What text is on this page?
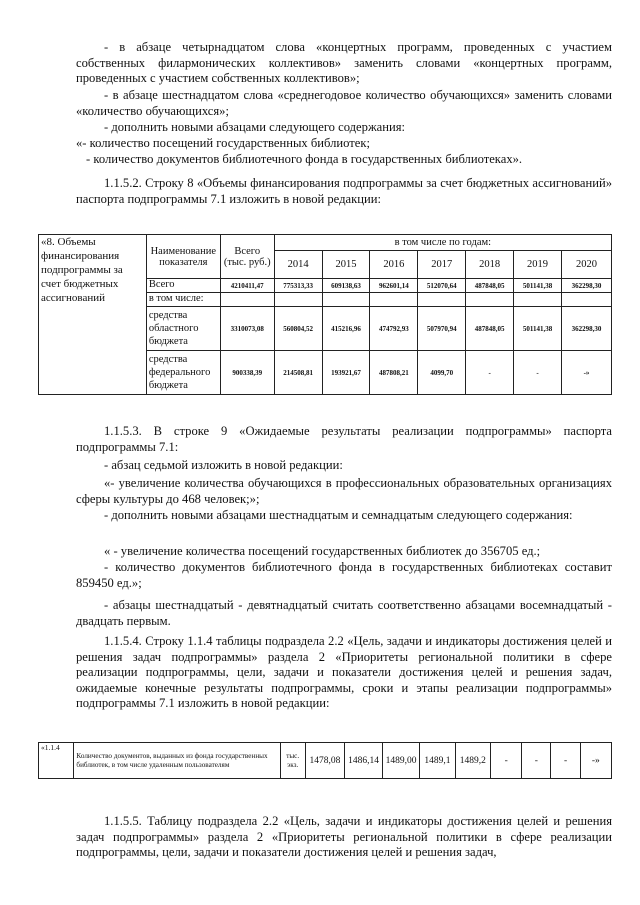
- в абзаце четырнадцатом слова «концертных программ, проведенных с участием собственных филармонических коллективов» заменить словами «концертных программ, проведенных с участием собственных коллективов»;

- в абзаце шестнадцатом слова «среднегодовое количество обучающихся» заменить словами «количество обучающихся»;

- дополнить новыми абзацами следующего содержания:

«- количество посещений государственных библиотек;

- количество документов библиотечного фонда в государственных библиотеках».

1.1.5.2. Строку 8 «Объемы финансирования подпрограммы за счет бюджетных ассигнований» паспорта подпрограммы 7.1 изложить в новой редакции:

«8. Объемы финансирования подпрограммы за счет бюджетных ассигнований	Наименование показателя	Всего (тыс. руб.)	в том числе по годам:						
			2014	2015	2016	2017	2018	2019	2020
	Всего	4210411,47	775313,33	609138,63	962601,14	512070,64	487848,05	501141,38	362298,30
	в том числе:								
	средства областного бюджета	3310073,08	560804,52	415216,96	474792,93	507970,94	487848,05	501141,38	362298,30
	средства федерального бюджета	900338,39	214508,81	193921,67	487808,21	4099,70	-	-	-»

1.1.5.3. В строке 9 «Ожидаемые результаты реализации подпрограммы» паспорта подпрограммы 7.1:

- абзац седьмой изложить в новой редакции:

«- увеличение количества обучающихся в профессиональных образовательных организациях сферы культуры до 468 человек;»;

- дополнить новыми абзацами шестнадцатым и семнадцатым следующего содержания:

« - увеличение количества посещений государственных библиотек до 356705 ед.;

- количество документов библиотечного фонда в государственных библиотеках составит 859450 ед.»;

- абзацы шестнадцатый - девятнадцатый считать соответственно абзацами восемнадцатый - двадцать первым.

1.1.5.4. Строку 1.1.4 таблицы подраздела 2.2 «Цель, задачи и индикаторы достижения целей и решения задач подпрограммы» раздела 2 «Приоритеты региональной политики в сфере реализации подпрограммы, цели, задачи и показатели достижения целей и решения задач, ожидаемые конечные результаты подпрограммы, сроки и этапы реализации подпрограммы» подпрограммы 7.1 изложить в новой редакции:

«1.1.4	Количество документов, выданных из фонда государственных библиотек, в том числе удаленным пользователям	тыс. экз.	1478,08	1486,14	1489,00	1489,1	1489,2	-	-	-	-»

1.1.5.5. Таблицу подраздела 2.2 «Цель, задачи и индикаторы достижения целей и решения задач подпрограммы» раздела 2 «Приоритеты региональной политики в сфере реализации подпрограммы, цели, задачи и показатели достижения целей и решения задач,
